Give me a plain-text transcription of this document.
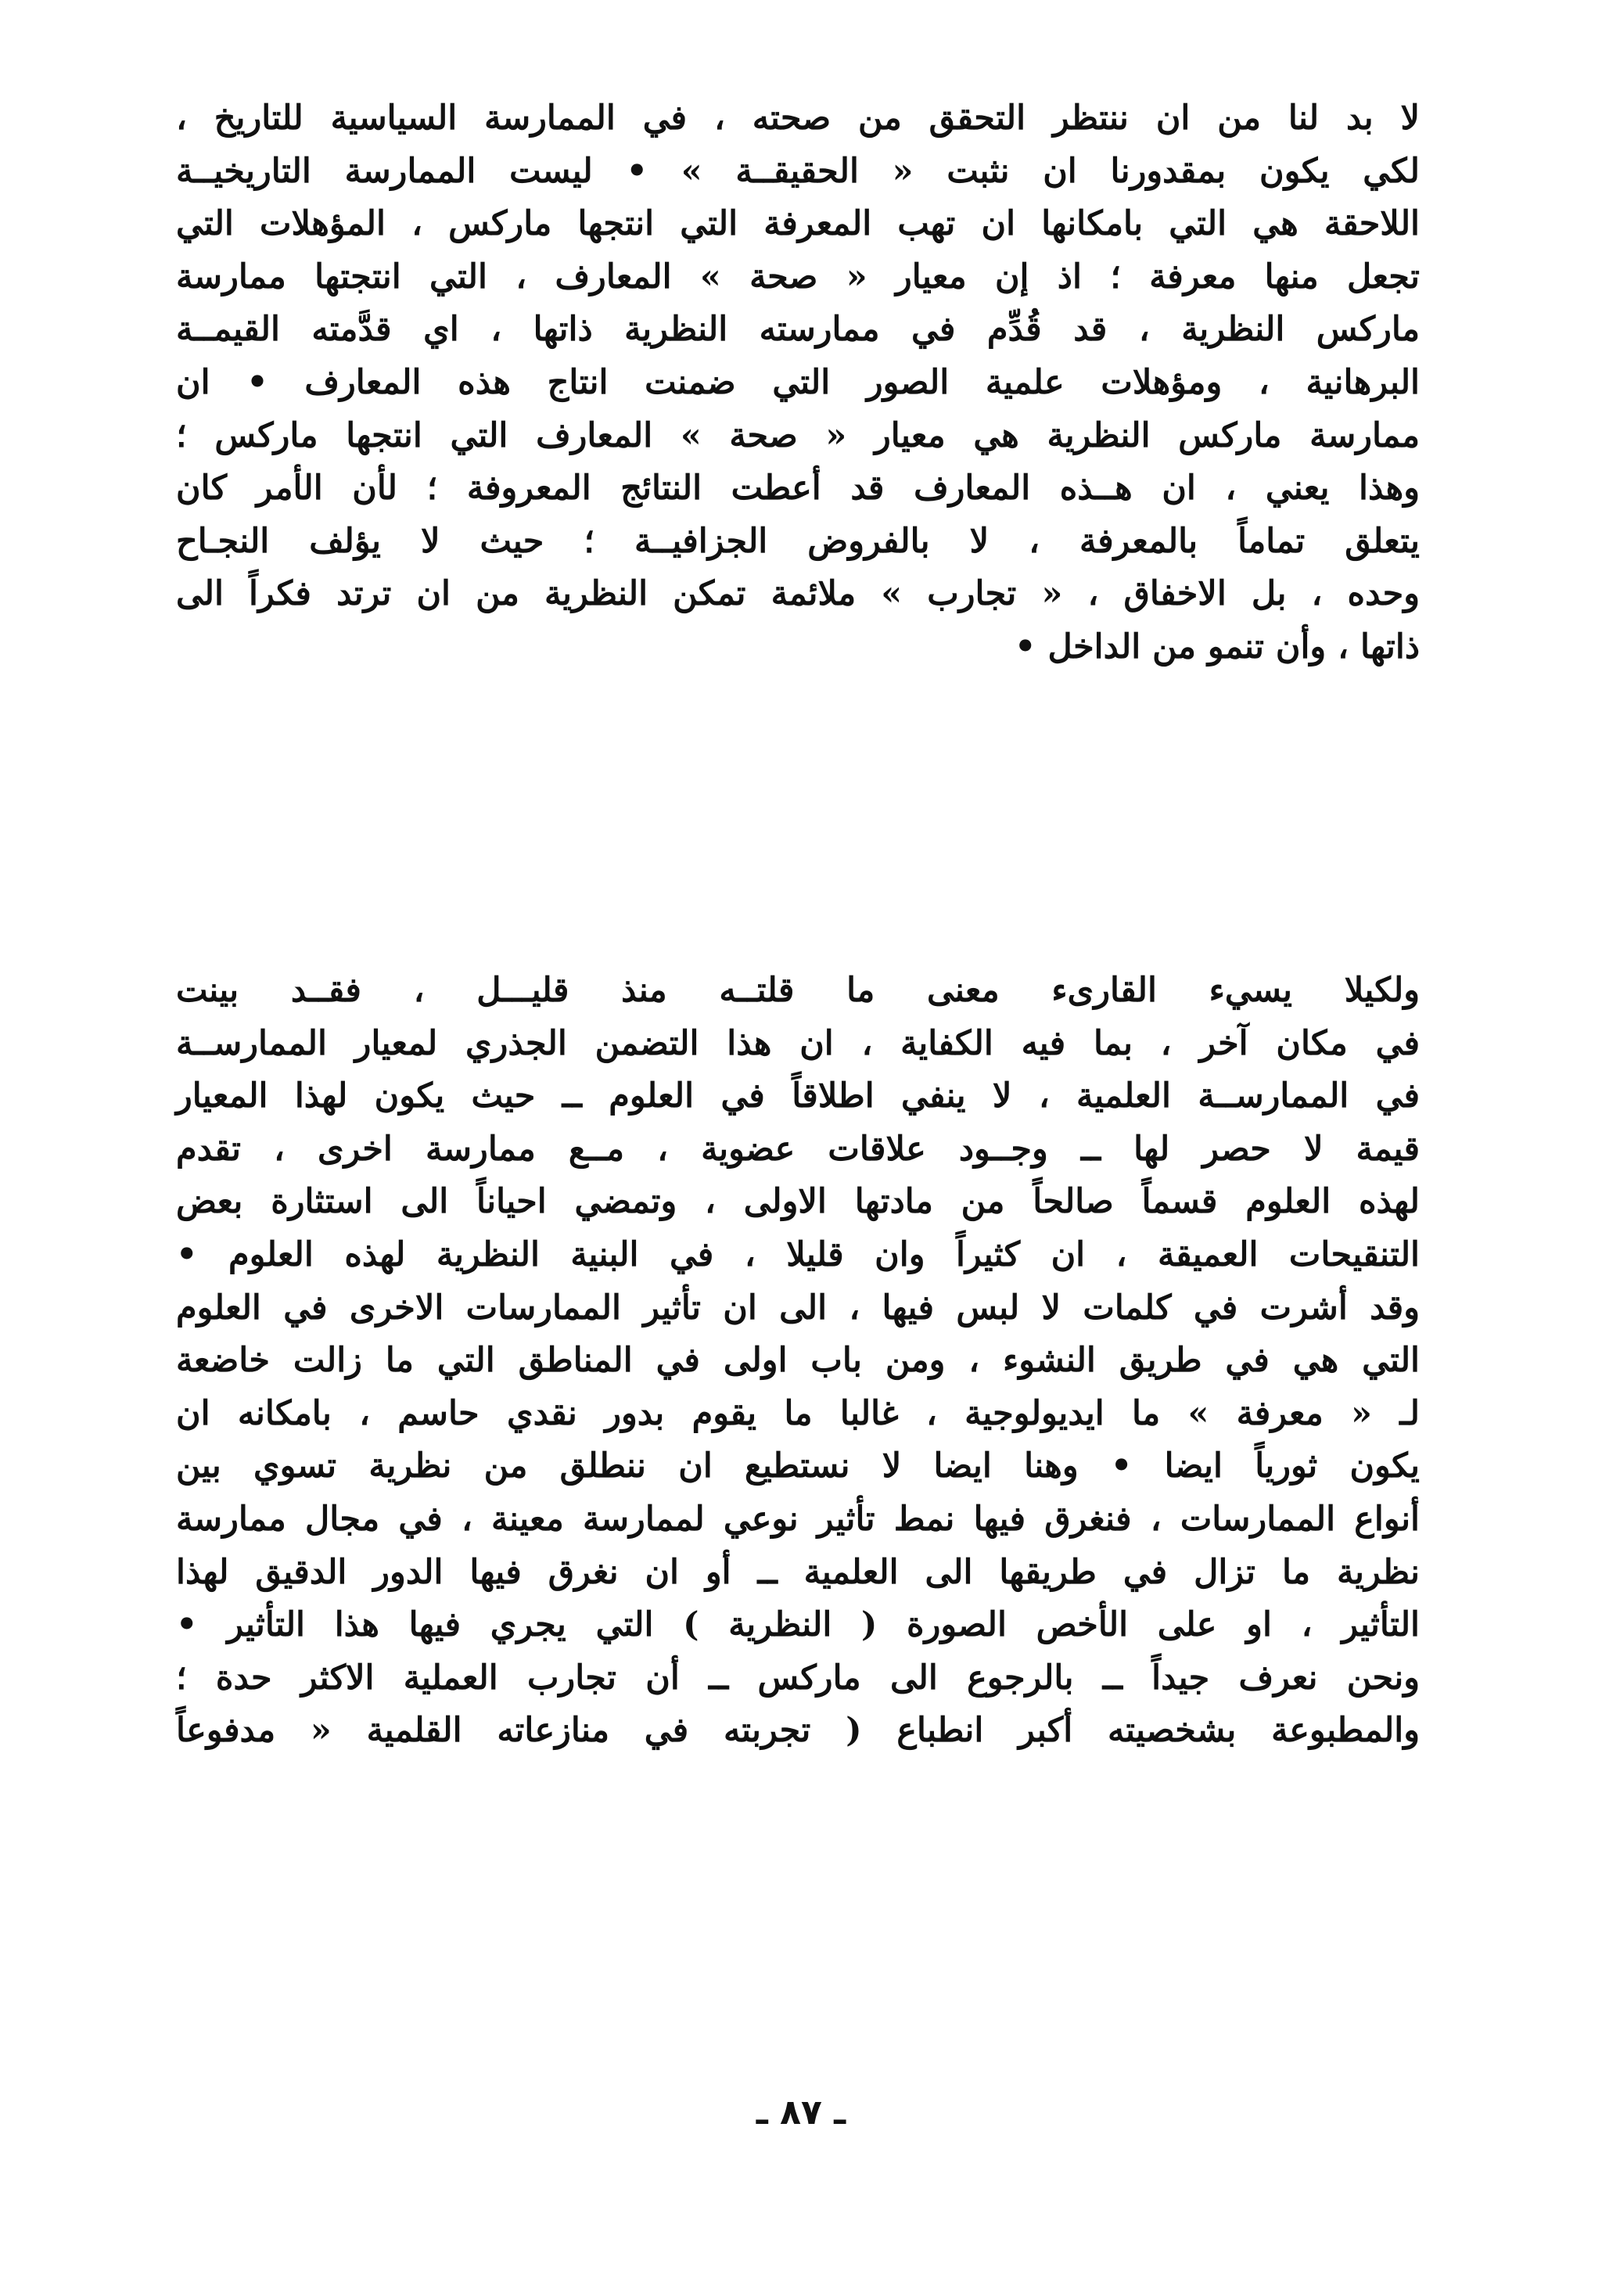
لا بد لنا من ان ننتظر التحقق من صحته ، في الممارسة السياسية للتاريخ ،
لكي يكون بمقدورنا ان نثبت « الحقيقــة » • ليست الممارسة التاريخيــة
اللاحقة هي التي بامكانها ان تهب المعرفة التي انتجها ماركس ، المؤهلات التي
تجعل منها معرفة ؛ اذ إن معيار « صحة » المعارف ، التي انتجتها ممارسة
ماركس النظرية ، قد قُدِّم في ممارسته النظرية ذاتها ، اي قدَّمته القيمــة
البرهانية ، ومؤهلات علمية الصور التي ضمنت انتاج هذه المعارف • ان
ممارسة ماركس النظرية هي معيار « صحة » المعارف التي انتجها ماركس ؛
وهذا يعني ، ان هــذه المعارف قد أعطت النتائج المعروفة ؛ لأن الأمر كان
يتعلق تماماً بالمعرفة ، لا بالفروض الجزافيــة ؛ حيث لا يؤلف النجـاح
وحده ، بل الاخفاق ، « تجارب » ملائمة تمكن النظرية من ان ترتد فكراً الى
ذاتها ، وأن تنمو من الداخل •
ولكيلا يسيء القارىء معنى ما قلتــه منذ قليـــل ، فقــد بينت
في مكان آخر ، بما فيه الكفاية ، ان هذا التضمن الجذري لمعيار الممارســة
في الممارســة العلمية ، لا ينفي اطلاقاً في العلوم ــ حيث يكون لهذا المعيار
قيمة لا حصر لها ــ وجــود علاقات عضوية ، مــع ممارسة اخرى ، تقدم
لهذه العلوم قسماً صالحاً من مادتها الاولى ، وتمضي احياناً الى استثارة بعض
التنقيحات العميقة ، ان كثيراً وان قليلا ، في البنية النظرية لهذه العلوم •
وقد أشرت في كلمات لا لبس فيها ، الى ان تأثير الممارسات الاخرى في العلوم
التي هي في طريق النشوء ، ومن باب اولى في المناطق التي ما زالت خاضعة
لـ « معرفة » ما ايديولوجية ، غالبا ما يقوم بدور نقدي حاسم ، بامكانه ان
يكون ثورياً ايضا • وهنا ايضا لا نستطيع ان ننطلق من نظرية تسوي بين
أنواع الممارسات ، فنغرق فيها نمط تأثير نوعي لممارسة معينة ، في مجال ممارسة
نظرية ما تزال في طريقها الى العلمية ــ أو ان نغرق فيها الدور الدقيق لهذا
التأثير ، او على الأخص الصورة ( النظرية ) التي يجري فيها هذا التأثير •
ونحن نعرف جيداً ــ بالرجوع الى ماركس ــ أن تجارب العملية الاكثر حدة ؛
والمطبوعة بشخصيته أكبر انطباع ( تجربته في منازعاته القلمية « مدفوعاً
ـ ٨٧ ـ
